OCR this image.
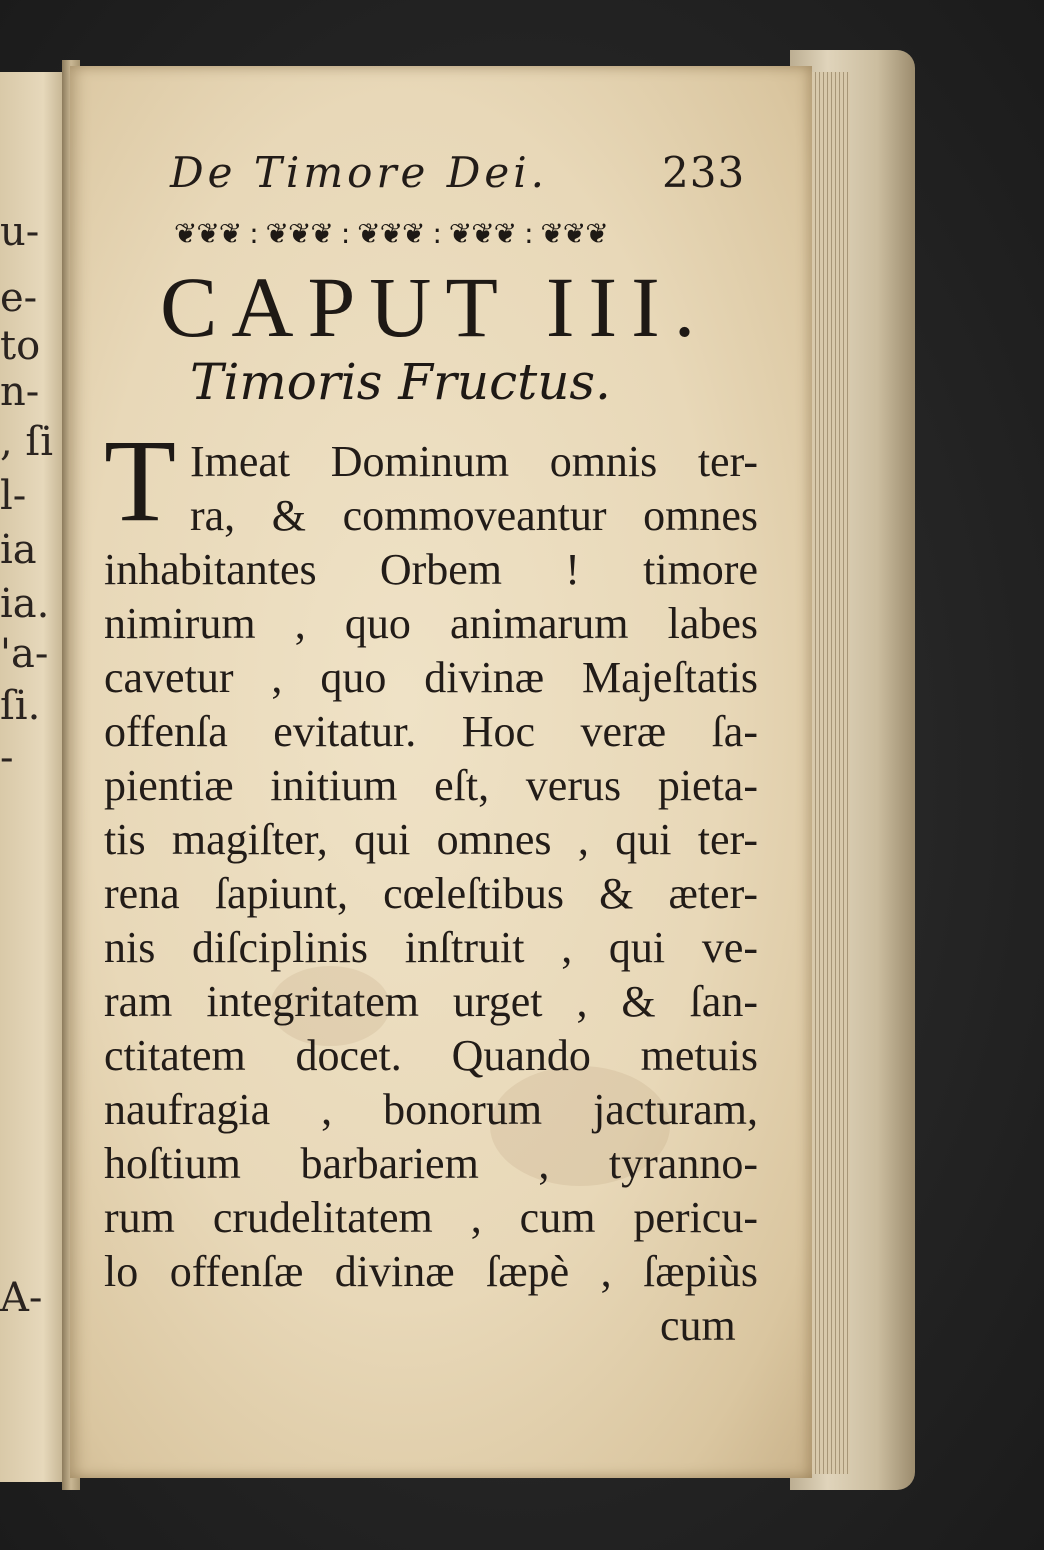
u-
e-
to
n-
, ſi
l-
ia
ia.
'a-
ſi.
-
A-
De Timore Dei.	233
❦❦❦ : ❦❦❦ : ❦❦❦ : ❦❦❦ : ❦❦❦
CAPUT III.
Timoris Fructus.
T Imeat Dominum omnis ter-
ra, & commoveantur omnes
inhabitantes Orbem ! timore
nimirum , quo animarum labes
cavetur , quo divinæ Majeſtatis
offenſa evitatur. Hoc veræ ſa-
pientiæ initium eſt, verus pieta-
tis magiſter, qui omnes , qui ter-
rena ſapiunt, cœleſtibus & æter-
nis diſciplinis inſtruit , qui ve-
ram integritatem urget , & ſan-
ctitatem docet. Quando metuis
naufragia , bonorum jacturam,
hoſtium barbariem , tyranno-
rum crudelitatem , cum pericu-
lo offenſæ divinæ ſæpè , ſæpiùs
cum
